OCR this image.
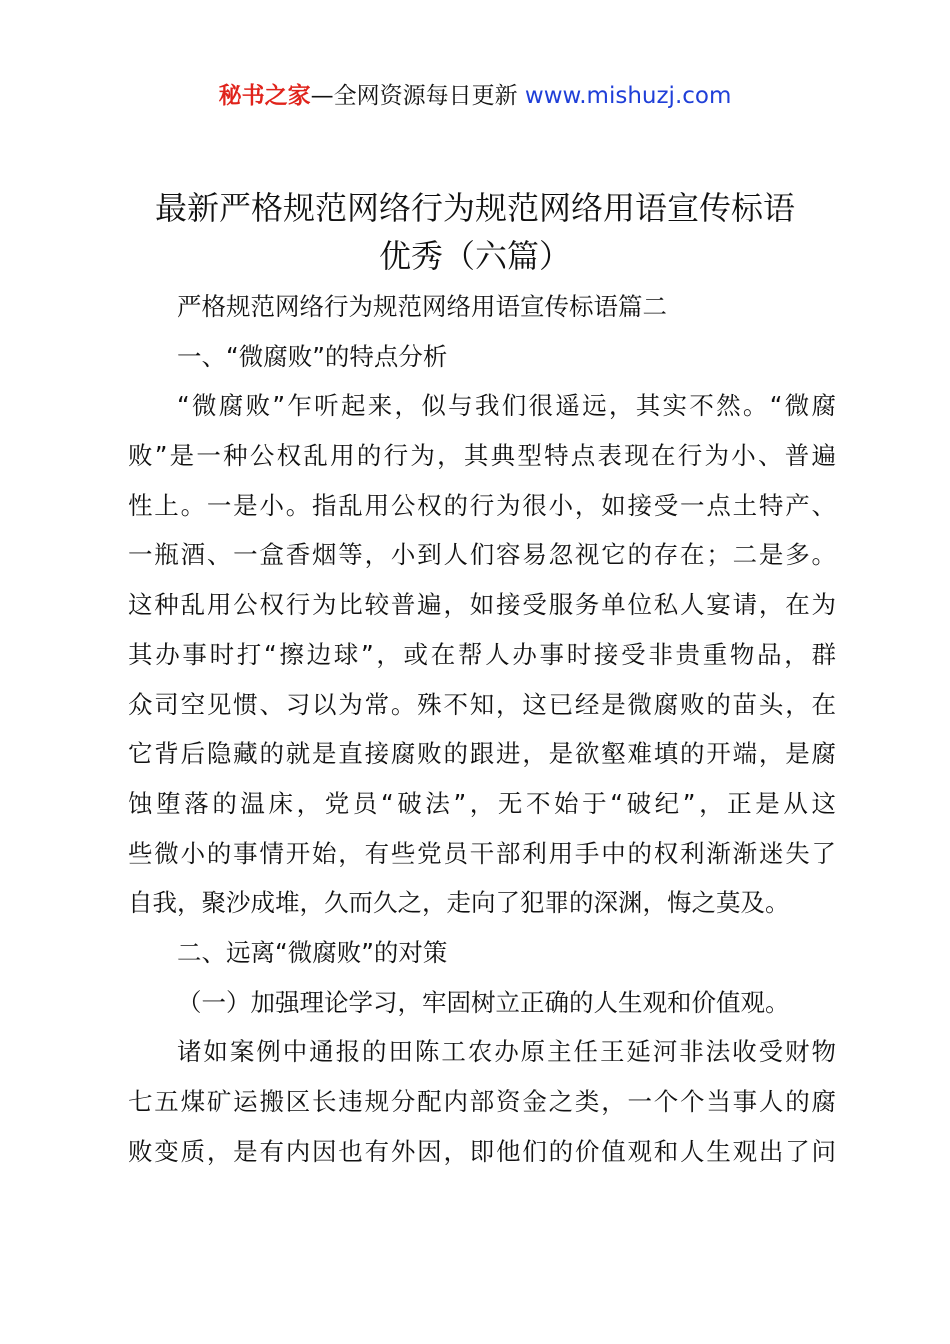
秘书之家—全网资源每日更新 www.mishuzj.com
最新严格规范网络行为规范网络用语宣传标语
优秀（六篇）
严格规范网络行为规范网络用语宣传标语篇二
一、“微腐败”的特点分析
“微腐败”乍听起来，似与我们很遥远，其实不然。“微腐
败”是一种公权乱用的行为，其典型特点表现在行为小、普遍
性上。一是小。指乱用公权的行为很小，如接受一点土特产、
一瓶酒、一盒香烟等，小到人们容易忽视它的存在；二是多。
这种乱用公权行为比较普遍，如接受服务单位私人宴请，在为
其办事时打“擦边球”，或在帮人办事时接受非贵重物品，群
众司空见惯、习以为常。殊不知，这已经是微腐败的苗头，在
它背后隐藏的就是直接腐败的跟进，是欲壑难填的开端，是腐
蚀堕落的温床，党员“破法”，无不始于“破纪”，正是从这
些微小的事情开始，有些党员干部利用手中的权利渐渐迷失了
自我，聚沙成堆，久而久之，走向了犯罪的深渊，悔之莫及。
二、远离“微腐败”的对策
（一）加强理论学习，牢固树立正确的人生观和价值观。
诸如案例中通报的田陈工农办原主任王延河非法收受财物
七五煤矿运搬区长违规分配内部资金之类，一个个当事人的腐
败变质，是有内因也有外因，即他们的价值观和人生观出了问
